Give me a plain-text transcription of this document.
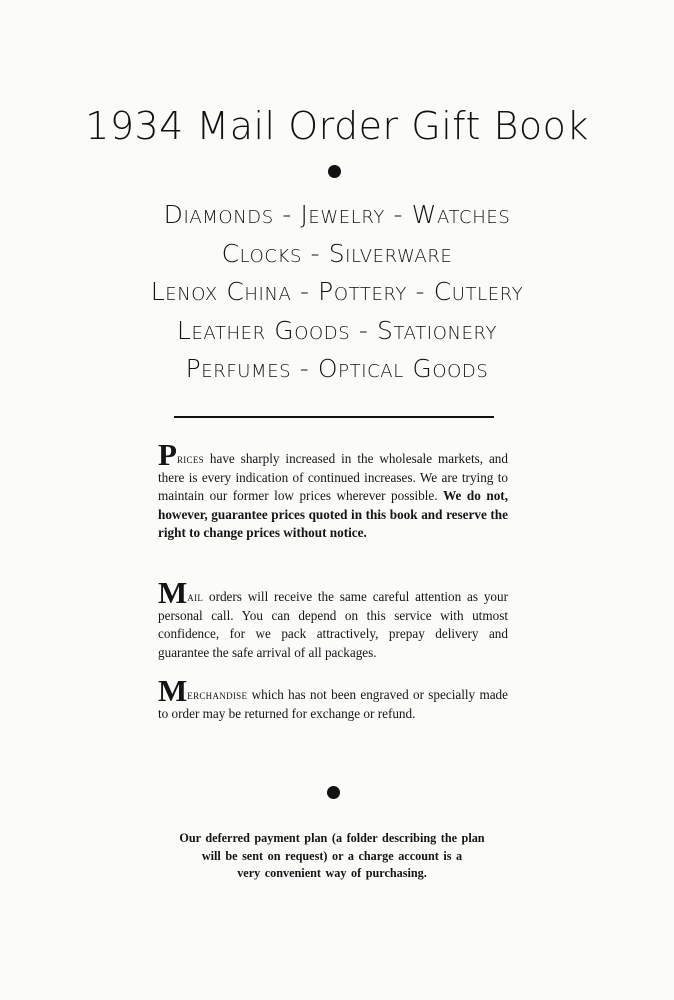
1934 Mail Order Gift Book
Diamonds - Jewelry - Watches
Clocks - Silverware
Lenox China - Pottery - Cutlery
Leather Goods - Stationery
Perfumes - Optical Goods

Prices have sharply increased in the wholesale markets, and there is every indication of continued increases. We are trying to maintain our former low prices wherever possible. We do not, however, guarantee prices quoted in this book and reserve the right to change prices without notice.

Mail orders will receive the same careful attention as your personal call. You can depend on this service with utmost confidence, for we pack attractively, prepay delivery and guarantee the safe arrival of all packages.

Merchandise which has not been engraved or specially made to order may be returned for exchange or refund.

Our deferred payment plan (a folder describing the plan
will be sent on request) or a charge account is a
very convenient way of purchasing.
